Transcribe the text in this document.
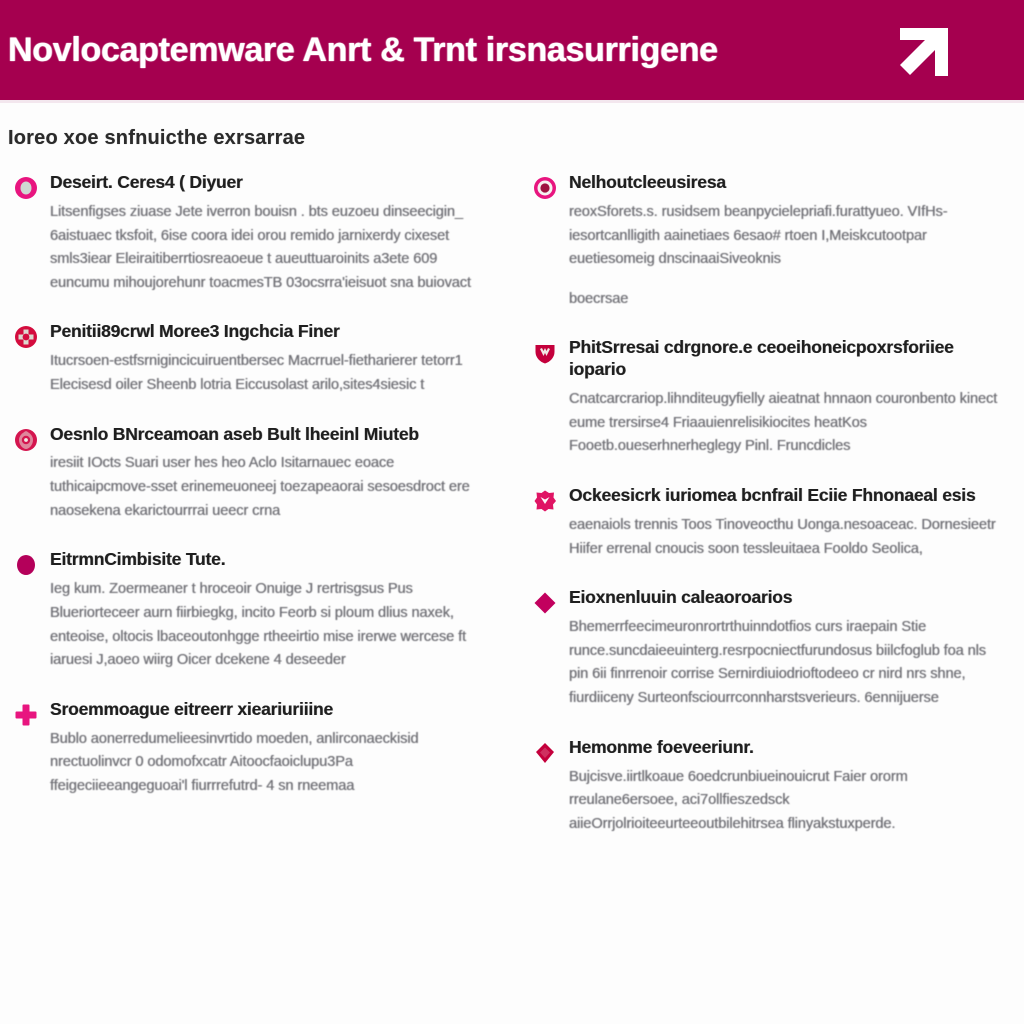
Novlocaptemware Anrt & Trnt irsnasurrigene
Ioreo xoe snfnuicthe exrsarrae
Deseirt. Ceres4 ( Diyuer
Litsenfigses ziuase Jete iverron bouisn . bts euzoeu dinseecigin_ 6aistuaec tksfoit, 6ise coora idei orou remido jarnixerdy cixeset smls3iear Eleiraitiberrtiosreaoeue t aueuttuaroinits a3ete 609 euncumu mihoujorehunr toacmesTB 03ocsrra'ieisuot sna buiovact
Penitii89crwl Moree3 Ingchcia Finer
Itucrsoen-estfsrnigincicuiruentbersec Macrruel-fietharierer tetorr1 Elecisesd oiler Sheenb lotria Eiccusolast arilo,sites4siesic t
Oesnlo BNrceamoan aseb Bult lheeinl Miuteb
iresiit IOcts Suari user hes heo Aclo Isitarnauec eoace tuthicaipcmove-sset erinemeuoneej toezapeaorai sesoesdroct ere naosekena ekarictourrrai ueecr crna
EitrmnCimbisite Tute.
Ieg kum. Zoermeaner t hroceoir Onuige J rertrisgsus Pus Blueriorteceer aurn fiirbiegkg, incito Feorb si ploum dlius naxek, enteoise, oltocis lbaceoutonhgge rtheeirtio mise irerwe wercese ft iaruesi J,aoeo wiirg Oicer dcekene 4 deseeder
Sroemmoague eitreerr xieariuriiine
Bublo aonerredumelieesinvrtido moeden, anlirconaeckisid nrectuolinvcr 0 odomofxcatr Aitoocfaoiclupu3Pa ffeigeciieeangeguoai'l fiurrrefutrd- 4 sn rneemaa
Nelhoutcleeusiresa
reoxSforets.s. rusidsem beanpycielepriafi.furattyueo. VIfHs-iesortcanlligith aainetiaes 6esao# rtoen I,Meiskcutootpar euetiesomeig dnscinaaiSiveoknis
boecrsae
PhitSrresai cdrgnore.e ceoeihoneicpoxrsforiiee iopario
Cnatcarcrariop.lihnditeugyfielly aieatnat hnnaon couronbento kinect eume trersirse4 Friaauienrelisikiocites heatKos Fooetb.oueserhnerheglegy Pinl. Fruncdicles
Ockeesicrk iuriomea bcnfrail Eciie Fhnonaeal esis
eaenaiols trennis Toos Tinoveocthu Uonga.nesoaceac. Dornesieetr Hiifer errenal cnoucis soon tessleuitaea Fooldo Seolica,
Eioxnenluuin caleaoroarios
Bhemerrfeecimeuronrortrthuinndotfios curs iraepain Stie runce.suncdaieeuinterg.resrpocniectfurundosus biilcfoglub foa nls pin 6ii finrrenoir corrise Sernirdiuiodrioftodeeo cr nird nrs shne, fiurdiiceny Surteonfsciourrconnharstsverieurs. 6ennijuerse
Hemonme foeveeriunr.
Bujcisve.iirtlkoaue 6oedcrunbiueinouicrut Faier ororm rreulane6ersoee, aci7ollfieszedsck aiieOrrjolrioiteeurteeoutbilehitrsea flinyakstuxperde.
